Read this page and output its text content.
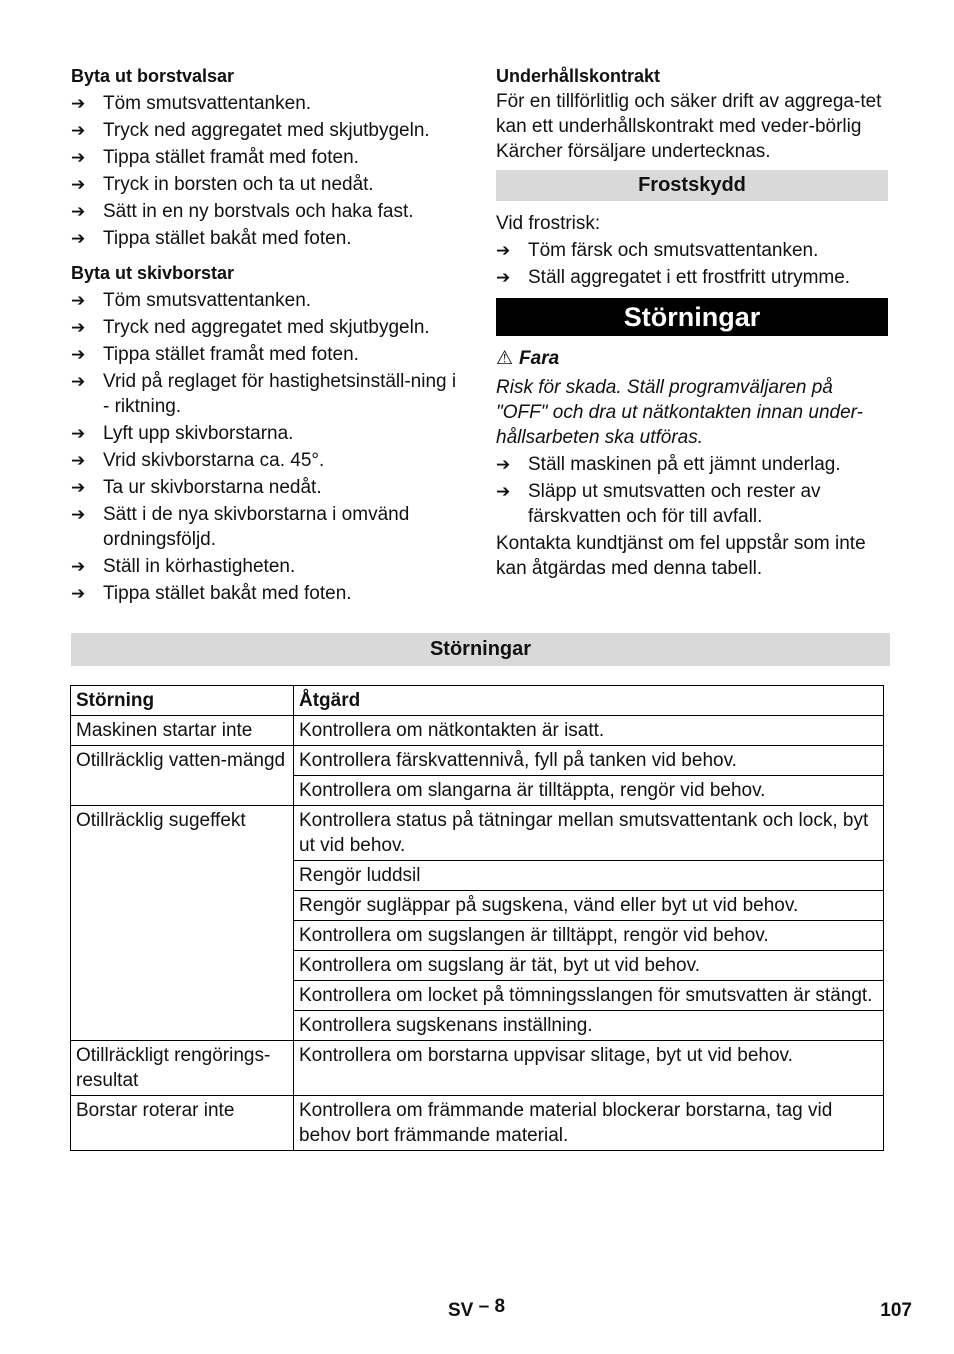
Byta ut borstvalsar

➔ Töm smutsvattentanken.
➔ Tryck ned aggregatet med skjutbygeln.
➔ Tippa stället framåt med foten.
➔ Tryck in borsten och ta ut nedåt.
➔ Sätt in en ny borstvals och haka fast.
➔ Tippa stället bakåt med foten.

Byta ut skivborstar

➔ Töm smutsvattentanken.
➔ Tryck ned aggregatet med skjutbygeln.
➔ Tippa stället framåt med foten.
➔ Vrid på reglaget för hastighetsinställ-ning i - riktning.
➔ Lyft upp skivborstarna.
➔ Vrid skivborstarna ca. 45°.
➔ Ta ur skivborstarna nedåt.
➔ Sätt i de nya skivborstarna i omvänd ordningsföljd.
➔ Ställ in körhastigheten.
➔ Tippa stället bakåt med foten.

Underhållskontrakt

För en tillförlitlig och säker drift av aggrega-tet kan ett underhållskontrakt med veder-börlig Kärcher försäljare undertecknas.

Frostskydd

Vid frostrisk:

➔ Töm färsk och smutsvattentanken.
➔ Ställ aggregatet i ett frostfritt utrymme.
Störningar

⚠ Fara

Risk för skada. Ställ programväljaren på "OFF" och dra ut nätkontakten innan under-hållsarbeten ska utföras.

➔ Ställ maskinen på ett jämnt underlag.
➔ Släpp ut smutsvatten och rester av färskvatten och för till avfall.

Kontakta kundtjänst om fel uppstår som inte kan åtgärdas med denna tabell.

Störningar
Störning	Åtgärd
Maskinen startar inte	Kontrollera om nätkontakten är isatt.
Otillräcklig vatten-mängd	Kontrollera färskvattennivå, fyll på tanken vid behov.
	Kontrollera om slangarna är tilltäppta, rengör vid behov.
Otillräcklig sugeffekt	Kontrollera status på tätningar mellan smutsvattentank och lock, byt ut vid behov.
	Rengör luddsil
	Rengör sugläppar på sugskena, vänd eller byt ut vid behov.
	Kontrollera om sugslangen är tilltäppt, rengör vid behov.
	Kontrollera om sugslang är tät, byt ut vid behov.
	Kontrollera om locket på tömningsslangen för smutsvatten är stängt.
	Kontrollera sugskenans inställning.
Otillräckligt rengörings-resultat	Kontrollera om borstarna uppvisar slitage, byt ut vid behov.
Borstar roterar inte	Kontrollera om främmande material blockerar borstarna, tag vid behov bort främmande material.
SV – 8	107
